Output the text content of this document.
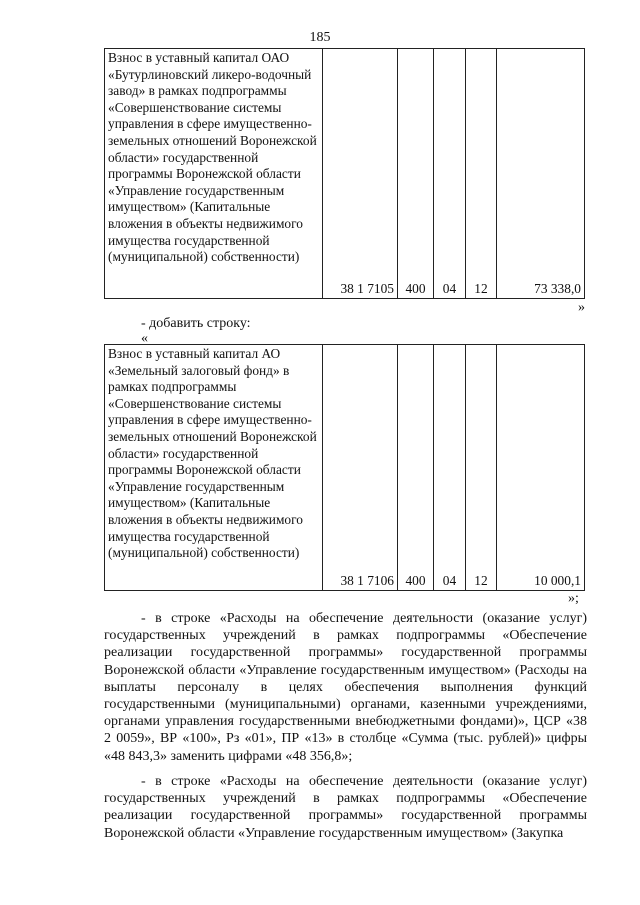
185
Взнос в уставный капитал ОАО «Бутурлиновский ликеро-водочный завод» в рамках подпрограммы «Совершенствование системы управления в сфере имущественно-земельных отношений Воронежской области» государственной программы Воронежской области «Управление государственным имуществом» (Капитальные вложения в объекты недвижимого имущества государственной (муниципальной) собственности)	38 1 7105	400	04	12	73 338,0
»
- добавить строку:
«
Взнос в уставный капитал АО «Земельный залоговый фонд» в рамках подпрограммы «Совершенствование системы управления в сфере имущественно-земельных отношений Воронежской области» государственной программы Воронежской области «Управление государственным имуществом» (Капитальные вложения в объекты недвижимого имущества государственной (муниципальной) собственности)	38 1 7106	400	04	12	10 000,1
»;

- в строке «Расходы на обеспечение деятельности (оказание услуг) государственных учреждений в рамках подпрограммы «Обеспечение реализации государственной программы» государственной программы Воронежской области «Управление государственным имуществом» (Расходы на выплаты персоналу в целях обеспечения выполнения функций государственными (муниципальными) органами, казенными учреждениями, органами управления государственными внебюджетными фондами)», ЦСР «38 2 0059», ВР «100», Рз «01», ПР «13» в столбце «Сумма (тыс. рублей)» цифры «48 843,3» заменить цифрами «48 356,8»;

- в строке «Расходы на обеспечение деятельности (оказание услуг) государственных учреждений в рамках подпрограммы «Обеспечение реализации государственной программы» государственной программы Воронежской области «Управление государственным имуществом» (Закупка
